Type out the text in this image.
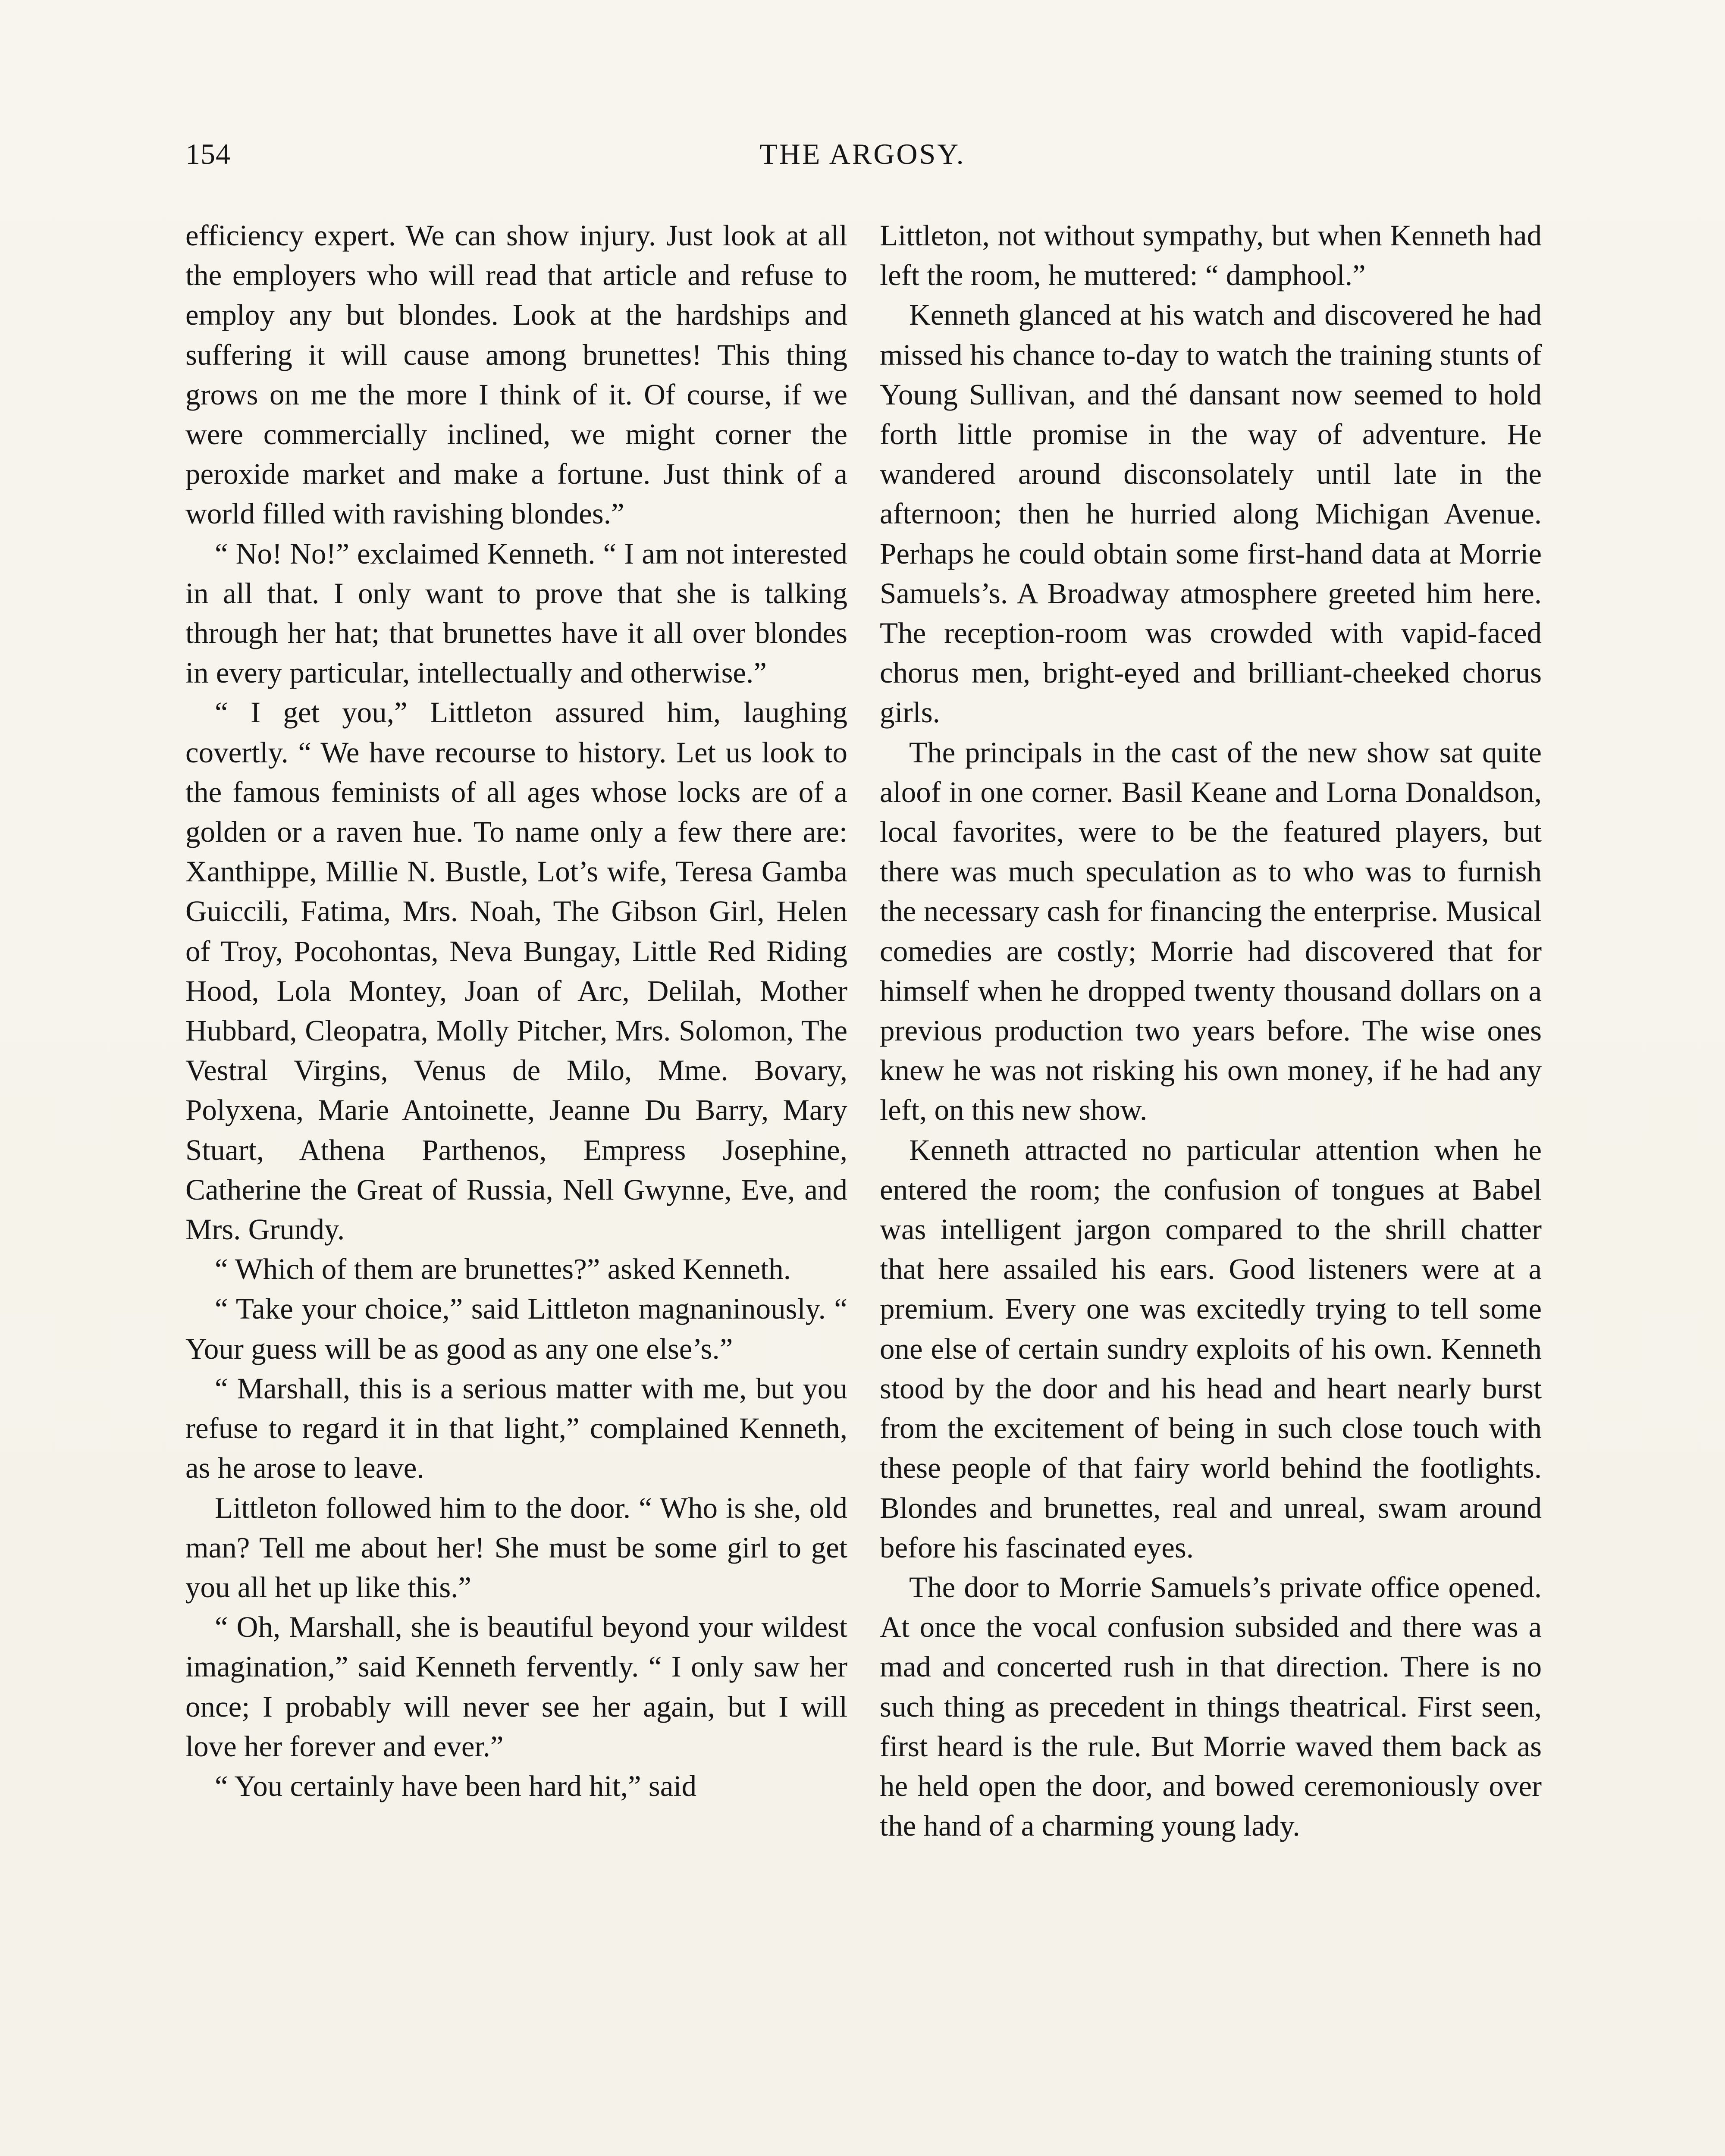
154	THE ARGOSY.

efficiency expert. We can show injury. Just look at all the employers who will read that article and refuse to employ any but blondes. Look at the hardships and suffering it will cause among brunettes! This thing grows on me the more I think of it. Of course, if we were commercially inclined, we might corner the peroxide market and make a fortune. Just think of a world filled with ravishing blondes.”

“ No! No!” exclaimed Kenneth. “ I am not interested in all that. I only want to prove that she is talking through her hat; that brunettes have it all over blondes in every particular, intellectually and otherwise.”

“ I get you,” Littleton assured him, laughing covertly. “ We have recourse to history. Let us look to the famous feminists of all ages whose locks are of a golden or a raven hue. To name only a few there are: Xanthippe, Millie N. Bustle, Lot’s wife, Teresa Gamba Guiccili, Fatima, Mrs. Noah, The Gibson Girl, Helen of Troy, Pocohontas, Neva Bungay, Little Red Riding Hood, Lola Montey, Joan of Arc, Delilah, Mother Hubbard, Cleopatra, Molly Pitcher, Mrs. Solomon, The Vestral Virgins, Venus de Milo, Mme. Bovary, Polyxena, Marie Antoinette, Jeanne Du Barry, Mary Stuart, Athena Parthenos, Empress Josephine, Catherine the Great of Russia, Nell Gwynne, Eve, and Mrs. Grundy.

“ Which of them are brunettes?” asked Kenneth.

“ Take your choice,” said Littleton magnaninously. “ Your guess will be as good as any one else’s.”

“ Marshall, this is a serious matter with me, but you refuse to regard it in that light,” complained Kenneth, as he arose to leave.

Littleton followed him to the door. “ Who is she, old man? Tell me about her! She must be some girl to get you all het up like this.”

“ Oh, Marshall, she is beautiful beyond your wildest imagination,” said Kenneth fervently. “ I only saw her once; I probably will never see her again, but I will love her forever and ever.”

“ You certainly have been hard hit,” said

Littleton, not without sympathy, but when Kenneth had left the room, he muttered: “ damphool.”

Kenneth glanced at his watch and discovered he had missed his chance to-day to watch the training stunts of Young Sullivan, and thé dansant now seemed to hold forth little promise in the way of adventure. He wandered around disconsolately until late in the afternoon; then he hurried along Michigan Avenue. Perhaps he could obtain some first-hand data at Morrie Samuels’s. A Broadway atmosphere greeted him here. The reception-room was crowded with vapid-faced chorus men, bright-eyed and brilliant-cheeked chorus girls.

The principals in the cast of the new show sat quite aloof in one corner. Basil Keane and Lorna Donaldson, local favorites, were to be the featured players, but there was much speculation as to who was to furnish the necessary cash for financing the enterprise. Musical comedies are costly; Morrie had discovered that for himself when he dropped twenty thousand dollars on a previous production two years before. The wise ones knew he was not risking his own money, if he had any left, on this new show.

Kenneth attracted no particular attention when he entered the room; the confusion of tongues at Babel was intelligent jargon compared to the shrill chatter that here assailed his ears. Good listeners were at a premium. Every one was excitedly trying to tell some one else of certain sundry exploits of his own. Kenneth stood by the door and his head and heart nearly burst from the excitement of being in such close touch with these people of that fairy world behind the footlights. Blondes and brunettes, real and unreal, swam around before his fascinated eyes.

The door to Morrie Samuels’s private office opened. At once the vocal confusion subsided and there was a mad and concerted rush in that direction. There is no such thing as precedent in things theatrical. First seen, first heard is the rule. But Morrie waved them back as he held open the door, and bowed ceremoniously over the hand of a charming young lady.
